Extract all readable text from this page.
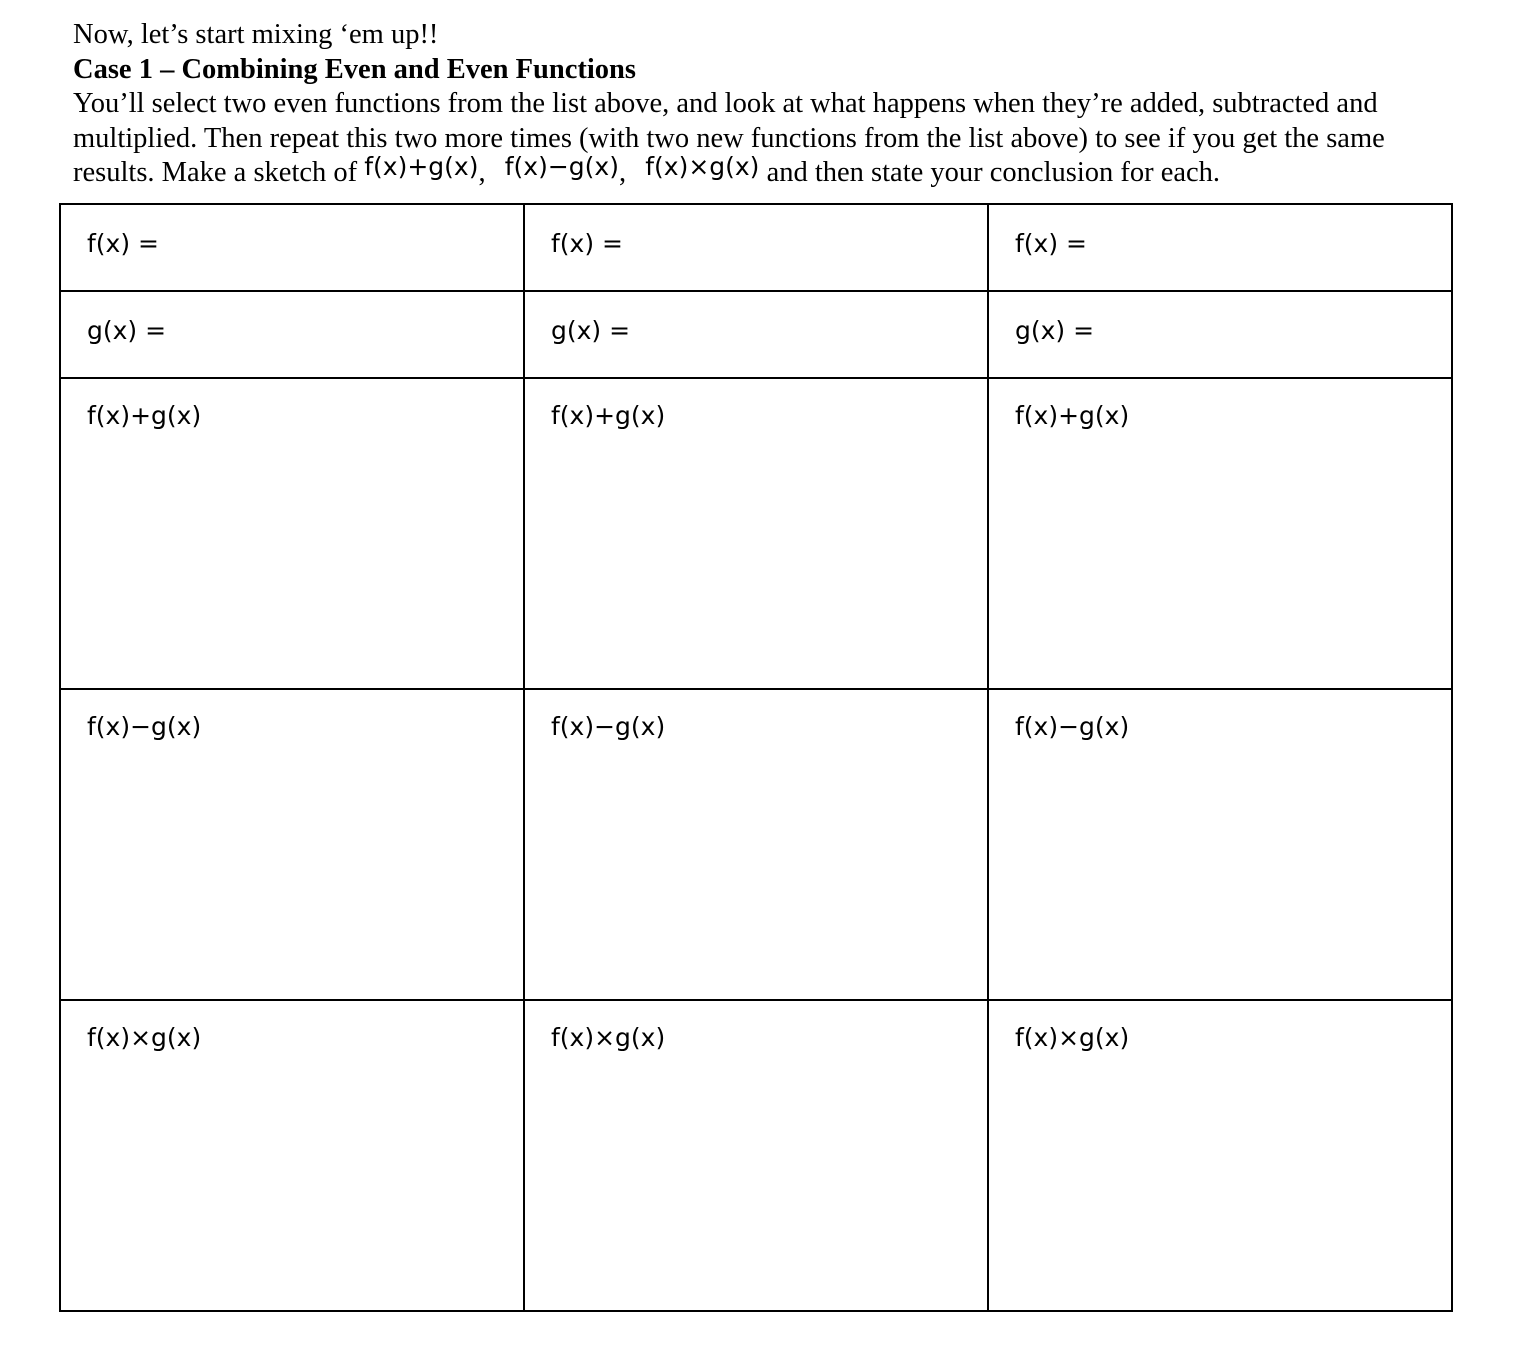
Now, let’s start mixing ‘em up!!

Case 1 – Combining Even and Even Functions

You’ll select two even functions from the list above, and look at what happens when they’re added, subtracted and multiplied. Then repeat this two more times (with two new functions from the list above) to see if you get the same
results. Make a sketch of f(x)+g(x), f(x)−g(x), f(x)×g(x) and then state your conclusion for each.

f(x) =	f(x) =	f(x) =

g(x) =	g(x) =	g(x) =

f(x)+g(x)	f(x)+g(x)	f(x)+g(x)

f(x)−g(x)	f(x)−g(x)	f(x)−g(x)

f(x)×g(x)	f(x)×g(x)	f(x)×g(x)
